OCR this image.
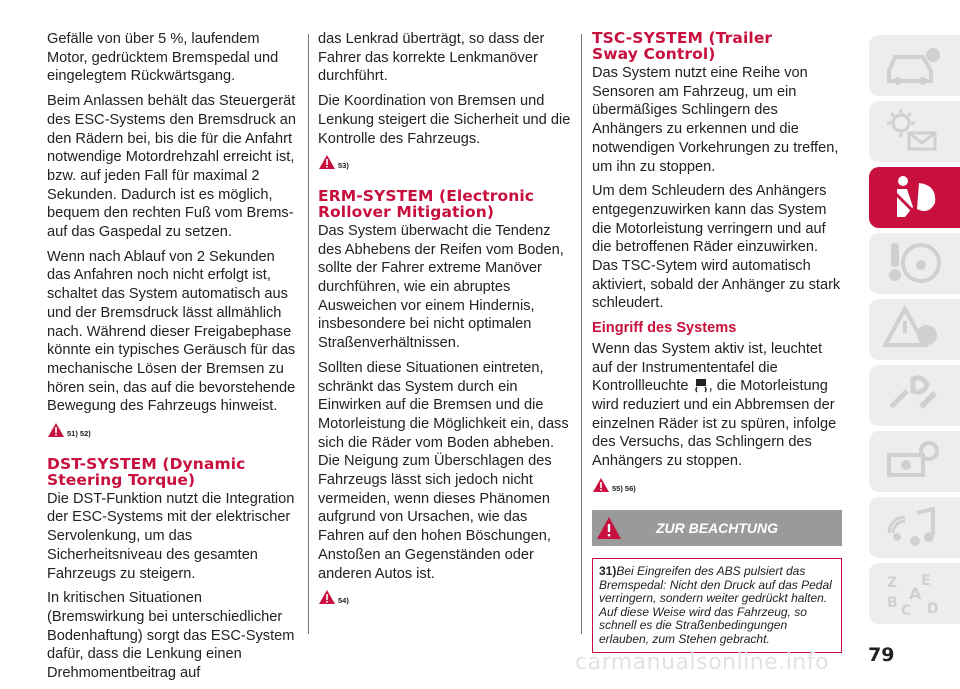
Gefälle von über 5 %, laufendem Motor, gedrücktem Bremspedal und eingelegtem Rückwärtsgang.

Beim Anlassen behält das Steuergerät des ESC-Systems den Bremsdruck an den Rädern bei, bis die für die Anfahrt notwendige Motordrehzahl erreicht ist, bzw. auf jeden Fall für maximal 2 Sekunden. Dadurch ist es möglich, bequem den rechten Fuß vom Brems- auf das Gaspedal zu setzen.

Wenn nach Ablauf von 2 Sekunden das Anfahren noch nicht erfolgt ist, schaltet das System automatisch aus und der Bremsdruck lässt allmählich nach. Während dieser Freigabephase könnte ein typisches Geräusch für das mechanische Lösen der Bremsen zu hören sein, das auf die bevorstehende Bewegung des Fahrzeugs hinweist.

51) 52)
DST-SYSTEM (Dynamic
Steering Torque)

Die DST-Funktion nutzt die Integration der ESC-Systems mit der elektrischer Servolenkung, um das Sicherheitsniveau des gesamten Fahrzeugs zu steigern.

In kritischen Situationen (Bremswirkung bei unterschiedlicher Bodenhaftung) sorgt das ESC-System dafür, dass die Lenkung einen Drehmomentbeitrag auf

das Lenkrad überträgt, so dass der Fahrer das korrekte Lenkmanöver durchführt.

Die Koordination von Bremsen und Lenkung steigert die Sicherheit und die Kontrolle des Fahrzeugs.

53)
ERM-SYSTEM (Electronic
Rollover Mitigation)

Das System überwacht die Tendenz des Abhebens der Reifen vom Boden, sollte der Fahrer extreme Manöver durchführen, wie ein abruptes Ausweichen vor einem Hindernis, insbesondere bei nicht optimalen Straßenverhältnissen.

Sollten diese Situationen eintreten, schränkt das System durch ein Einwirken auf die Bremsen und die Motorleistung die Möglichkeit ein, dass sich die Räder vom Boden abheben. Die Neigung zum Überschlagen des Fahrzeugs lässt sich jedoch nicht vermeiden, wenn dieses Phänomen aufgrund von Ursachen, wie das Fahren auf den hohen Böschungen, Anstoßen an Gegenständen oder anderen Autos ist.

54)
TSC-SYSTEM (Trailer
Sway Control)

Das System nutzt eine Reihe von Sensoren am Fahrzeug, um ein übermäßiges Schlingern des Anhängers zu erkennen und die notwendigen Vorkehrungen zu treffen, um ihn zu stoppen.

Um dem Schleudern des Anhängers entgegenzuwirken kann das System die Motorleistung verringern und auf die betroffenen Räder einzuwirken. Das TSC-Sytem wird automatisch aktiviert, sobald der Anhänger zu stark schleudert.

Eingriff des Systems

Wenn das System aktiv ist, leuchtet auf der Instrumententafel die Kontrollleuchte , die Motorleistung wird reduziert und ein Abbremsen der einzelnen Räder ist zu spüren, infolge des Versuchs, das Schlingern des Anhängers zu stoppen.

55) 56)
ZUR BEACHTUNG
31)Bei Eingreifen des ABS pulsiert das Bremspedal: Nicht den Druck auf das Pedal verringern, sondern weiter gedrückt halten. Auf diese Weise wird das Fahrzeug, so schnell es die Straßenbedingungen erlauben, zum Stehen gebracht.
Z E
A
B C D
carmanualsonline.info 79
